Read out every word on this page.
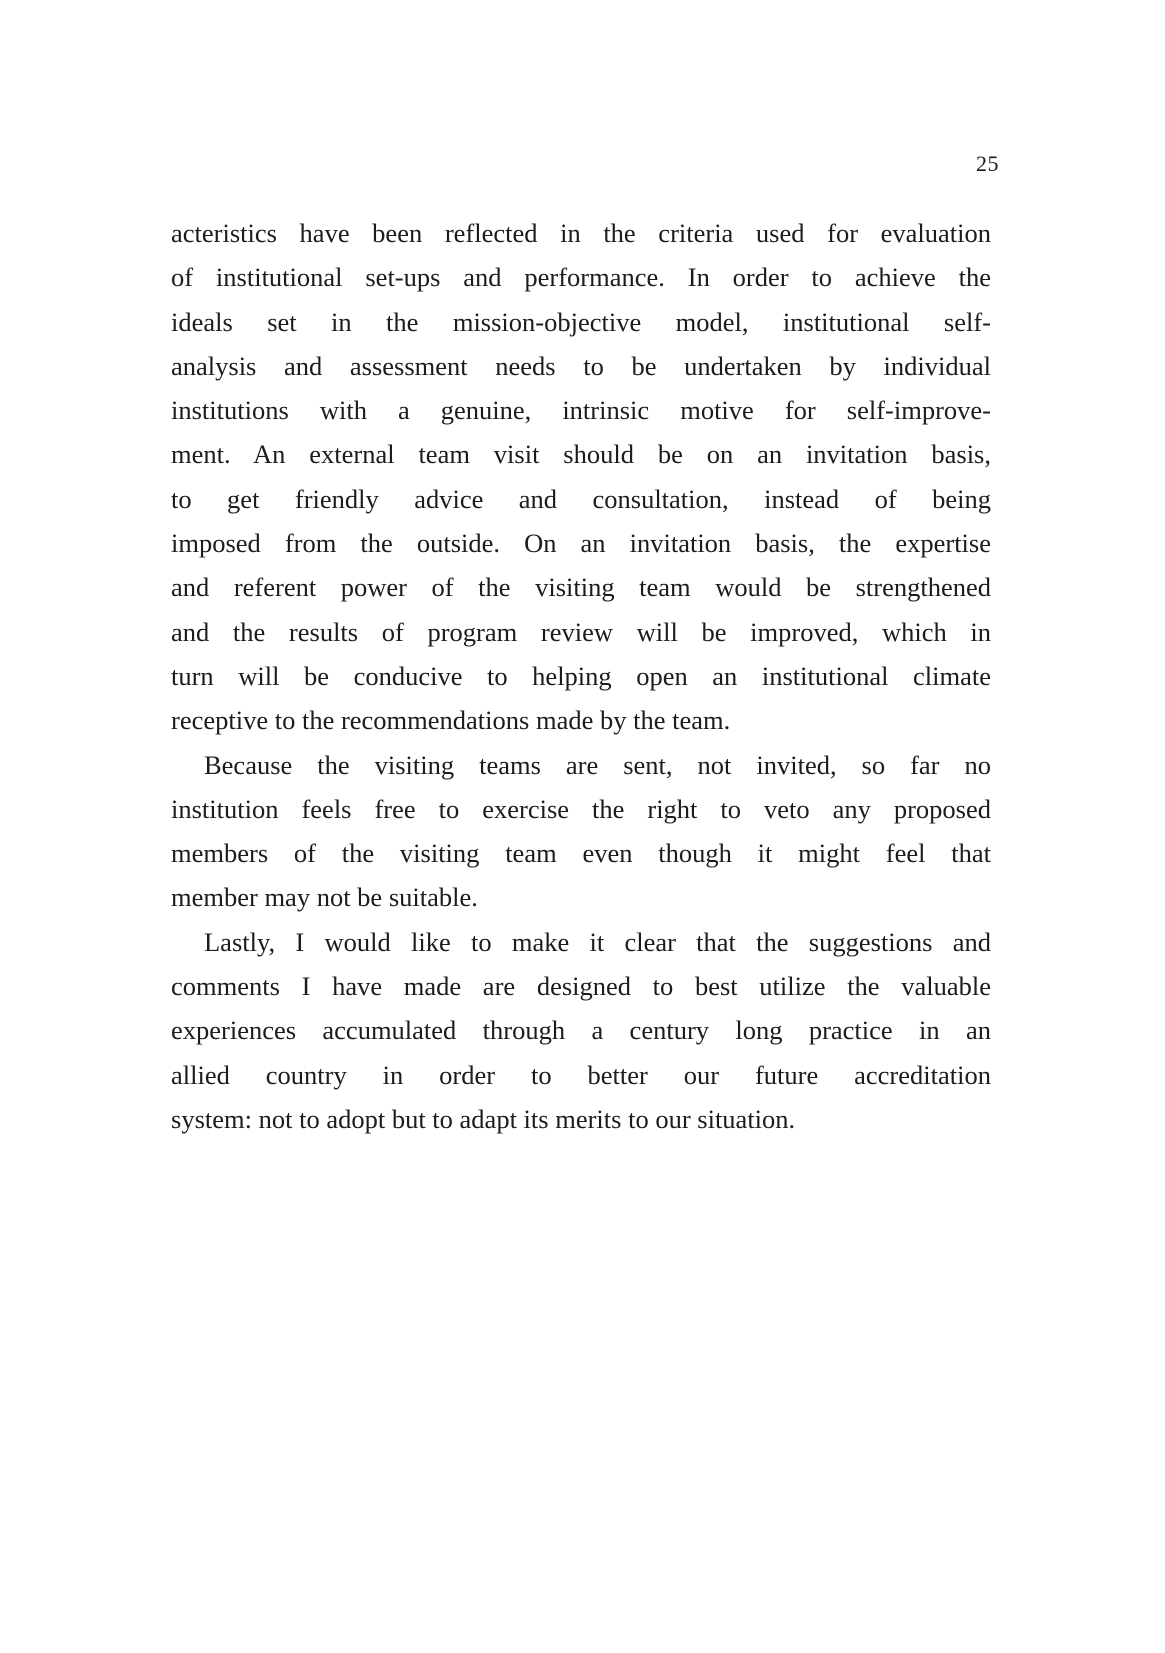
25
acteristics have been reflected in the criteria used for evaluation
of institutional set-ups and performance. In order to achieve the
ideals set in the mission-objective model, institutional self-
analysis and assessment needs to be undertaken by individual
institutions with a genuine, intrinsic motive for self-improve-
ment. An external team visit should be on an invitation basis,
to get friendly advice and consultation, instead of being
imposed from the outside. On an invitation basis, the expertise
and referent power of the visiting team would be strengthened
and the results of program review will be improved, which in
turn will be conducive to helping open an institutional climate
receptive to the recommendations made by the team.
Because the visiting teams are sent, not invited, so far no
institution feels free to exercise the right to veto any proposed
members of the visiting team even though it might feel that
member may not be suitable.
Lastly, I would like to make it clear that the suggestions and
comments I have made are designed to best utilize the valuable
experiences accumulated through a century long practice in an
allied country in order to better our future accreditation
system: not to adopt but to adapt its merits to our situation.
